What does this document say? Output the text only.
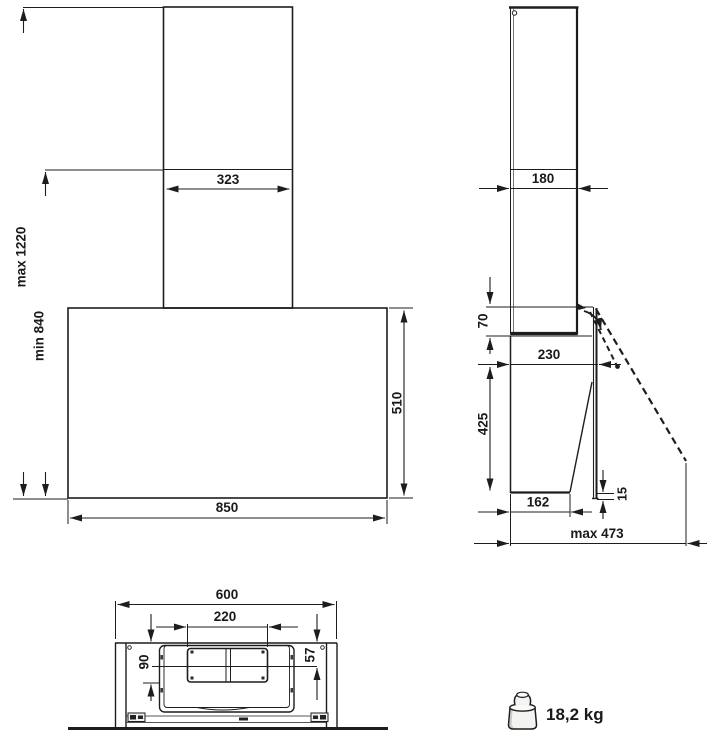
max 1220
min 840
323
850
510
180
70
230
425
15
162
max 473
600
220
90	57
18,2 kg
